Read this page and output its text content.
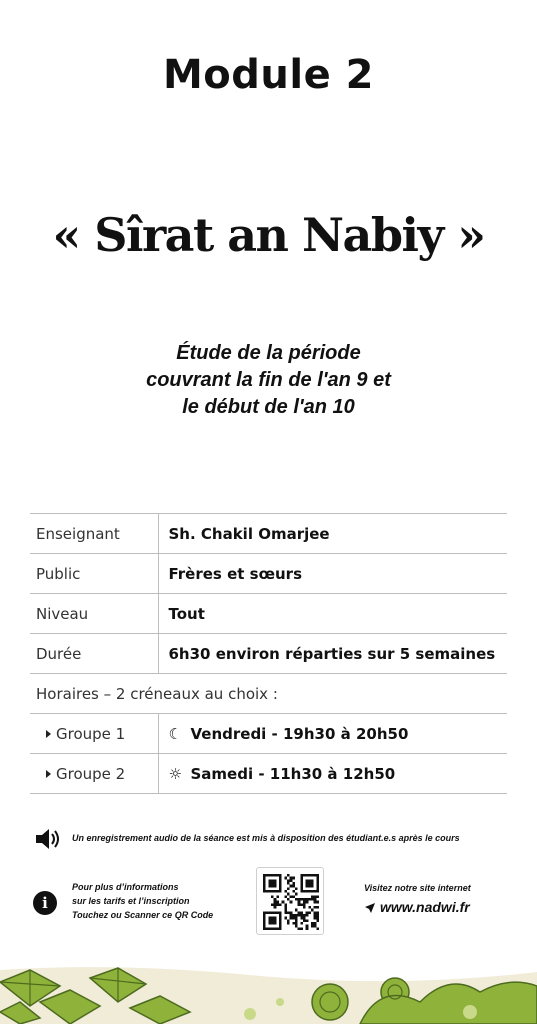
Module 2
« Sîrat an Nabiy »
Étude de la période
couvrant la fin de l'an 9 et
le début de l'an 10
Enseignant	Sh. Chakil Omarjee
Public	Frères et sœurs
Niveau	Tout
Durée	6h30 environ réparties sur 5 semaines
Horaires – 2 créneaux au choix :	
Groupe 1	☾ Vendredi - 19h30 à 20h50
Groupe 2	☼ Samedi - 11h30 à 12h50
Un enregistrement audio de la séance est mis à disposition des étudiant.e.s après le cours
i
Pour plus d’informations
sur les tarifs et l’inscription
Touchez ou Scanner ce QR Code
Visitez notre site internet
www.nadwi.fr
